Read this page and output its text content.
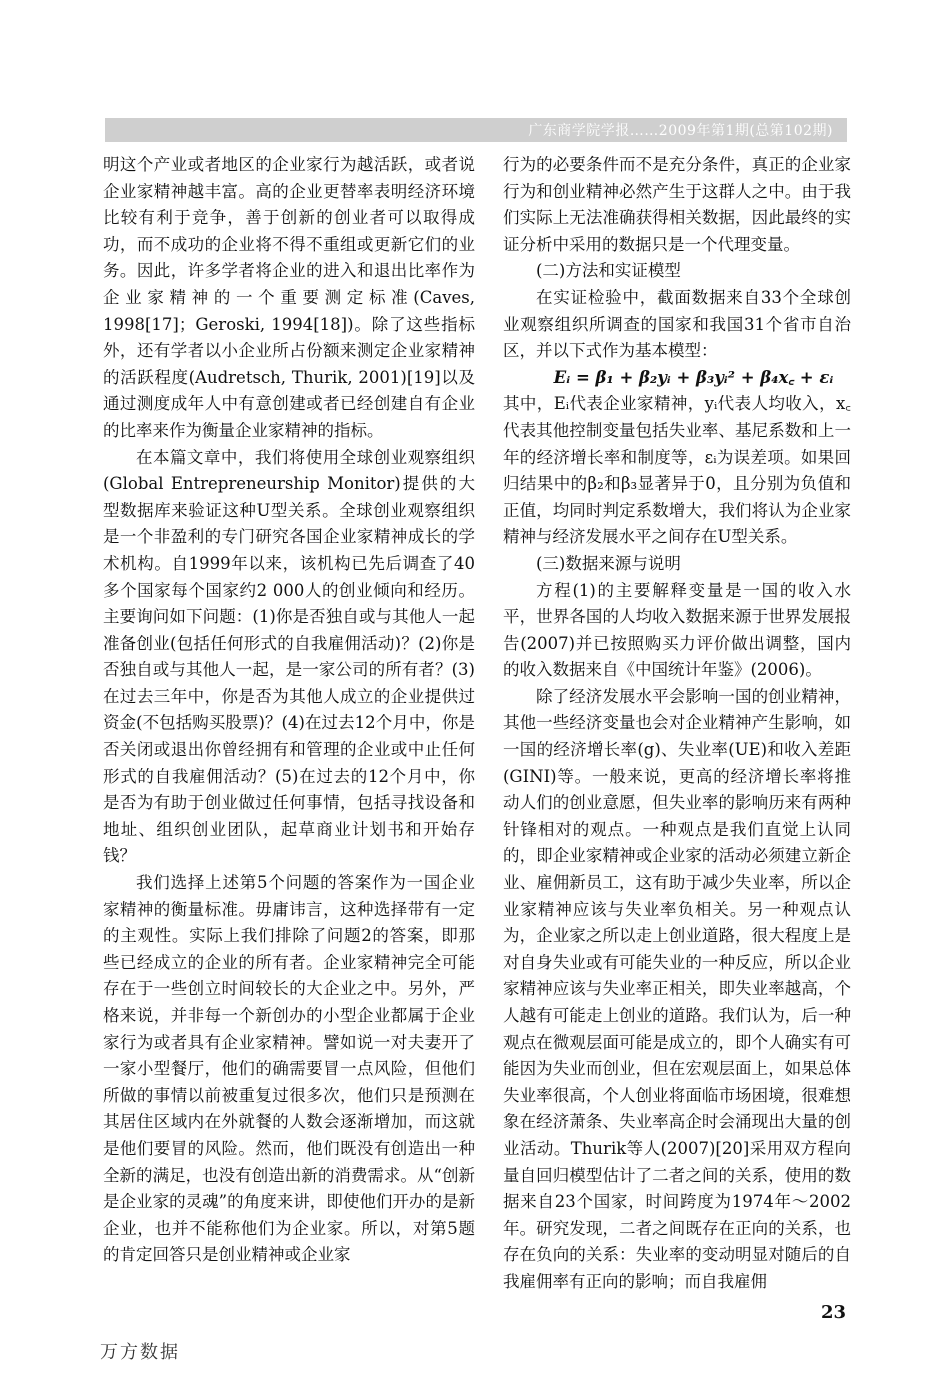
广东商学院学报……2009年第1期(总第102期)

明这个产业或者地区的企业家行为越活跃，或者说企业家精神越丰富。高的企业更替率表明经济环境比较有利于竞争，善于创新的创业者可以取得成功，而不成功的企业将不得不重组或更新它们的业务。因此，许多学者将企业的进入和退出比率作为企业家精神的一个重要测定标准(Caves, 1998[17]；Geroski, 1994[18])。除了这些指标外，还有学者以小企业所占份额来测定企业家精神的活跃程度(Audretsch, Thurik, 2001)[19]以及通过测度成年人中有意创建或者已经创建自有企业的比率来作为衡量企业家精神的指标。

在本篇文章中，我们将使用全球创业观察组织(Global Entrepreneurship Monitor)提供的大型数据库来验证这种U型关系。全球创业观察组织是一个非盈利的专门研究各国企业家精神成长的学术机构。自1999年以来，该机构已先后调查了40多个国家每个国家约2 000人的创业倾向和经历。主要询问如下问题：(1)你是否独自或与其他人一起准备创业(包括任何形式的自我雇佣活动)？(2)你是否独自或与其他人一起，是一家公司的所有者？(3)在过去三年中，你是否为其他人成立的企业提供过资金(不包括购买股票)？(4)在过去12个月中，你是否关闭或退出你曾经拥有和管理的企业或中止任何形式的自我雇佣活动？(5)在过去的12个月中，你是否为有助于创业做过任何事情，包括寻找设备和地址、组织创业团队，起草商业计划书和开始存钱？

我们选择上述第5个问题的答案作为一国企业家精神的衡量标准。毋庸讳言，这种选择带有一定的主观性。实际上我们排除了问题2的答案，即那些已经成立的企业的所有者。企业家精神完全可能存在于一些创立时间较长的大企业之中。另外，严格来说，并非每一个新创办的小型企业都属于企业家行为或者具有企业家精神。譬如说一对夫妻开了一家小型餐厅，他们的确需要冒一点风险，但他们所做的事情以前被重复过很多次，他们只是预测在其居住区域内在外就餐的人数会逐渐增加，而这就是他们要冒的风险。然而，他们既没有创造出一种全新的满足，也没有创造出新的消费需求。从“创新是企业家的灵魂”的角度来讲，即使他们开办的是新企业，也并不能称他们为企业家。所以，对第5题的肯定回答只是创业精神或企业家

行为的必要条件而不是充分条件，真正的企业家行为和创业精神必然产生于这群人之中。由于我们实际上无法准确获得相关数据，因此最终的实证分析中采用的数据只是一个代理变量。

(二)方法和实证模型

在实证检验中，截面数据来自33个全球创业观察组织所调查的国家和我国31个省市自治区，并以下式作为基本模型：

Eᵢ = β₁ + β₂yᵢ + β₃yᵢ² + β₄x꜀ + εᵢ

其中，Eᵢ代表企业家精神，yᵢ代表人均收入，x꜀代表其他控制变量包括失业率、基尼系数和上一年的经济增长率和制度等，εᵢ为误差项。如果回归结果中的β₂和β₃显著异于0，且分别为负值和正值，均同时判定系数增大，我们将认为企业家精神与经济发展水平之间存在U型关系。

(三)数据来源与说明

方程(1)的主要解释变量是一国的收入水平，世界各国的人均收入数据来源于世界发展报告(2007)并已按照购买力评价做出调整，国内的收入数据来自《中国统计年鉴》(2006)。

除了经济发展水平会影响一国的创业精神，其他一些经济变量也会对企业精神产生影响，如一国的经济增长率(g)、失业率(UE)和收入差距(GINI)等。一般来说，更高的经济增长率将推动人们的创业意愿，但失业率的影响历来有两种针锋相对的观点。一种观点是我们直觉上认同的，即企业家精神或企业家的活动必须建立新企业、雇佣新员工，这有助于减少失业率，所以企业家精神应该与失业率负相关。另一种观点认为，企业家之所以走上创业道路，很大程度上是对自身失业或有可能失业的一种反应，所以企业家精神应该与失业率正相关，即失业率越高，个人越有可能走上创业的道路。我们认为，后一种观点在微观层面可能是成立的，即个人确实有可能因为失业而创业，但在宏观层面上，如果总体失业率很高，个人创业将面临市场困境，很难想象在经济萧条、失业率高企时会涌现出大量的创业活动。Thurik等人(2007)[20]采用双方程向量自回归模型估计了二者之间的关系，使用的数据来自23个国家，时间跨度为1974年～2002年。研究发现，二者之间既存在正向的关系，也存在负向的关系：失业率的变动明显对随后的自我雇佣率有正向的影响；而自我雇佣

23
万方数据
